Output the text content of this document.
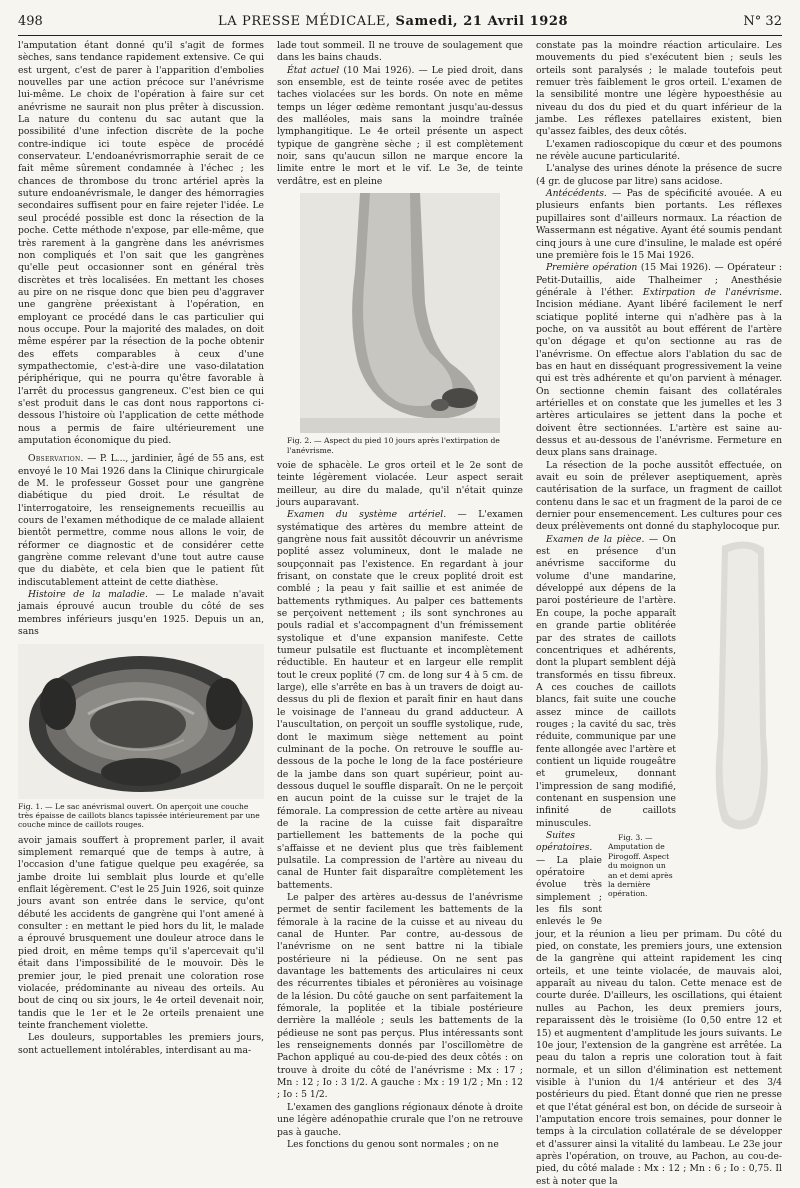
498	LA PRESSE MÉDICALE, Samedi, 21 Avril 1928	N° 32

l'amputation étant donné qu'il s'agit de formes sèches, sans tendance rapidement extensive. Ce qui est urgent, c'est de parer à l'apparition d'embolies nouvelles par une action précoce sur l'anévrisme lui-même. Le choix de l'opération à faire sur cet anévrisme ne saurait non plus prêter à discussion. La nature du contenu du sac autant que la possibilité d'une infection discrète de la poche contre-indique ici toute espèce de procédé conservateur. L'endoanévrismorraphie serait de ce fait même sûrement condamnée à l'échec ; les chances de thrombose du tronc artériel après la suture endoanévrismale, le danger des hémorragies secondaires suffisent pour en faire rejeter l'idée. Le seul procédé possible est donc la résection de la poche. Cette méthode n'expose, par elle-même, que très rarement à la gangrène dans les anévrismes non compliqués et l'on sait que les gangrènes qu'elle peut occasionner sont en général très discrètes et très localisées. En mettant les choses au pire on ne risque donc que bien peu d'aggraver une gangrène préexistant à l'opération, en employant ce procédé dans le cas particulier qui nous occupe. Pour la majorité des malades, on doit même espérer par la résection de la poche obtenir des effets comparables à ceux d'une sympathectomie, c'est-à-dire une vaso-dilatation périphérique, qui ne pourra qu'être favorable à l'arrêt du processus gangreneux. C'est bien ce qui s'est produit dans le cas dont nous rapportons ci-dessous l'histoire où l'application de cette méthode nous a permis de faire ultérieurement une amputation économique du pied.

Observation. — P. L..., jardinier, âgé de 55 ans, est envoyé le 10 Mai 1926 dans la Clinique chirurgicale de M. le professeur Gosset pour une gangrène diabétique du pied droit. Le résultat de l'interrogatoire, les renseignements recueillis au cours de l'examen méthodique de ce malade allaient bientôt permettre, comme nous allons le voir, de réformer ce diagnostic et de considérer cette gangrène comme relevant d'une tout autre cause que du diabète, et cela bien que le patient fût indiscutablement atteint de cette diathèse.

Histoire de la maladie. — Le malade n'avait jamais éprouvé aucun trouble du côté de ses membres inférieurs jusqu'en 1925. Depuis un an, sans

Fig. 1. — Le sac anévrismal ouvert. On aperçoit une couche très épaisse de caillots blancs tapissée intérieurement par une couche mince de caillots rouges.

avoir jamais souffert à proprement parler, il avait simplement remarqué que de temps à autre, à l'occasion d'une fatigue quelque peu exagérée, sa jambe droite lui semblait plus lourde et qu'elle enflait légèrement. C'est le 25 Juin 1926, soit quinze jours avant son entrée dans le service, qu'ont débuté les accidents de gangrène qui l'ont amené à consulter : en mettant le pied hors du lit, le malade a éprouvé brusquement une douleur atroce dans le pied droit, en même temps qu'il s'apercevait qu'il était dans l'impossibilité de le mouvoir. Dès le premier jour, le pied prenait une coloration rose violacée, prédominante au niveau des orteils. Au bout de cinq ou six jours, le 4e orteil devenait noir, tandis que le 1er et le 2e orteils prenaient une teinte franchement violette.

Les douleurs, supportables les premiers jours, sont actuellement intolérables, interdisant au ma-

lade tout sommeil. Il ne trouve de soulagement que dans les bains chauds.

État actuel (10 Mai 1926). — Le pied droit, dans son ensemble, est de teinte rosée avec de petites taches violacées sur les bords. On note en même temps un léger œdème remontant jusqu'au-dessus des malléoles, mais sans la moindre traînée lymphangitique. Le 4e orteil présente un aspect typique de gangrène sèche ; il est complètement noir, sans qu'aucun sillon ne marque encore la limite entre le mort et le vif. Le 3e, de teinte verdâtre, est en pleine

Fig. 2. — Aspect du pied 10 jours après l'extirpation de l'anévrisme.

voie de sphacèle. Le gros orteil et le 2e sont de teinte légèrement violacée. Leur aspect serait meilleur, au dire du malade, qu'il n'était quinze jours auparavant.

Examen du système artériel. — L'examen systématique des artères du membre atteint de gangrène nous fait aussitôt découvrir un anévrisme poplité assez volumineux, dont le malade ne soupçonnait pas l'existence. En regardant à jour frisant, on constate que le creux poplité droit est comblé ; la peau y fait saillie et est animée de battements rythmiques. Au palper ces battements se perçoivent nettement ; ils sont synchrones au pouls radial et s'accompagnent d'un frémissement systolique et d'une expansion manifeste. Cette tumeur pulsatile est fluctuante et incomplètement réductible. En hauteur et en largeur elle remplit tout le creux poplité (7 cm. de long sur 4 à 5 cm. de large), elle s'arrête en bas à un travers de doigt au-dessus du pli de flexion et paraît finir en haut dans le voisinage de l'anneau du grand adducteur. A l'auscultation, on perçoit un souffle systolique, rude, dont le maximum siège nettement au point culminant de la poche. On retrouve le souffle au-dessous de la poche le long de la face postérieure de la jambe dans son quart supérieur, point au-dessous duquel le souffle disparaît. On ne le perçoit en aucun point de la cuisse sur le trajet de la fémorale. La compression de cette artère au niveau de la racine de la cuisse fait disparaître partiellement les battements de la poche qui s'affaisse et ne devient plus que très faiblement pulsatile. La compression de l'artère au niveau du canal de Hunter fait disparaître complètement les battements.

Le palper des artères au-dessus de l'anévrisme permet de sentir facilement les battements de la fémorale à la racine de la cuisse et au niveau du canal de Hunter. Par contre, au-dessous de l'anévrisme on ne sent battre ni la tibiale postérieure ni la pédieuse. On ne sent pas davantage les battements des articulaires ni ceux des récurrentes tibiales et péronières au voisinage de la lésion. Du côté gauche on sent parfaitement la fémorale, la poplitée et la tibiale postérieure derrière la malléole ; seuls les battements de la pédieuse ne sont pas perçus. Plus intéressants sont les renseignements donnés par l'oscillomètre de Pachon appliqué au cou-de-pied des deux côtés : on trouve à droite du côté de l'anévrisme : Mx : 17 ; Mn : 12 ; Io : 3 1/2. A gauche : Mx : 19 1/2 ; Mn : 12 ; Io : 5 1/2.

L'examen des ganglions régionaux dénote à droite une légère adénopathie crurale que l'on ne retrouve pas à gauche.

Les fonctions du genou sont normales ; on ne

constate pas la moindre réaction articulaire. Les mouvements du pied s'exécutent bien ; seuls les orteils sont paralysés ; le malade toutefois peut remuer très faiblement le gros orteil. L'examen de la sensibilité montre une légère hypoesthésie au niveau du dos du pied et du quart inférieur de la jambe. Les réflexes patellaires existent, bien qu'assez faibles, des deux côtés.

L'examen radioscopique du cœur et des poumons ne révèle aucune particularité.

L'analyse des urines dénote la présence de sucre (4 gr. de glucose par litre) sans acidose.

Antécédents. — Pas de spécificité avouée. A eu plusieurs enfants bien portants. Les réflexes pupillaires sont d'ailleurs normaux. La réaction de Wassermann est négative. Ayant été soumis pendant cinq jours à une cure d'insuline, le malade est opéré une première fois le 15 Mai 1926.

Première opération (15 Mai 1926). — Opérateur : Petit-Dutaillis, aide Thalheimer ; Anesthésie générale à l'éther. Extirpation de l'anévrisme. Incision médiane. Ayant libéré facilement le nerf sciatique poplité interne qui n'adhère pas à la poche, on va aussitôt au bout efférent de l'artère qu'on dégage et qu'on sectionne au ras de l'anévrisme. On effectue alors l'ablation du sac de bas en haut en disséquant progressivement la veine qui est très adhérente et qu'on parvient à ménager. On sectionne chemin faisant des collatérales artérielles et on constate que les jumelles et les 3 artères articulaires se jettent dans la poche et doivent être sectionnées. L'artère est saine au-dessus et au-dessous de l'anévrisme. Fermeture en deux plans sans drainage.

La résection de la poche aussitôt effectuée, on avait eu soin de prélever aseptiquement, après cautérisation de la surface, un fragment de caillot contenu dans le sac et un fragment de la paroi de ce dernier pour ensemencement. Les cultures pour ces deux prélèvements ont donné du staphylocoque pur.

Examen de la pièce. — On est en présence d'un anévrisme sacciforme du volume d'une mandarine, développé aux dépens de la paroi postérieure de l'artère. En coupe, la poche apparaît en grande partie oblitérée par des strates de caillots concentriques et adhérents, dont la plupart semblent déjà transformés en tissu fibreux. A ces couches de caillots blancs, fait suite une couche assez mince de caillots rouges ; la cavité du sac, très réduite, communique par une fente allongée avec l'artère et contient un liquide rougeâtre et grumeleux, donnant l'impression de sang modifié, contenant en suspension une infinité de caillots minuscules.

Fig. 3. — Amputation de Pirogoff. Aspect du moignon un an et demi après la dernière opération.
Suites opératoires. — La plaie opératoire évolue très simplement ; les fils sont enlevés le 9e jour, et la réunion a lieu per primam. Du côté du pied, on constate, les premiers jours, une extension de la gangrène qui atteint rapidement les cinq orteils, et une teinte violacée, de mauvais aloi, apparaît au niveau du talon. Cette menace est de courte durée. D'ailleurs, les oscillations, qui étaient nulles au Pachon, les deux premiers jours, reparaissent dès le troisième (Io 0,50 entre 12 et 15) et augmentent d'amplitude les jours suivants. Le 10e jour, l'extension de la gangrène est arrêtée. La peau du talon a repris une coloration tout à fait normale, et un sillon d'élimination est nettement visible à l'union du 1/4 antérieur et des 3/4 postérieurs du pied. Étant donné que rien ne presse et que l'état général est bon, on décide de surseoir à l'amputation encore trois semaines, pour donner le temps à la circulation collatérale de se développer et d'assurer ainsi la vitalité du lambeau. Le 23e jour après l'opération, on trouve, au Pachon, au cou-de-pied, du côté malade : Mx : 12 ; Mn : 6 ; Io : 0,75. Il est à noter que la
